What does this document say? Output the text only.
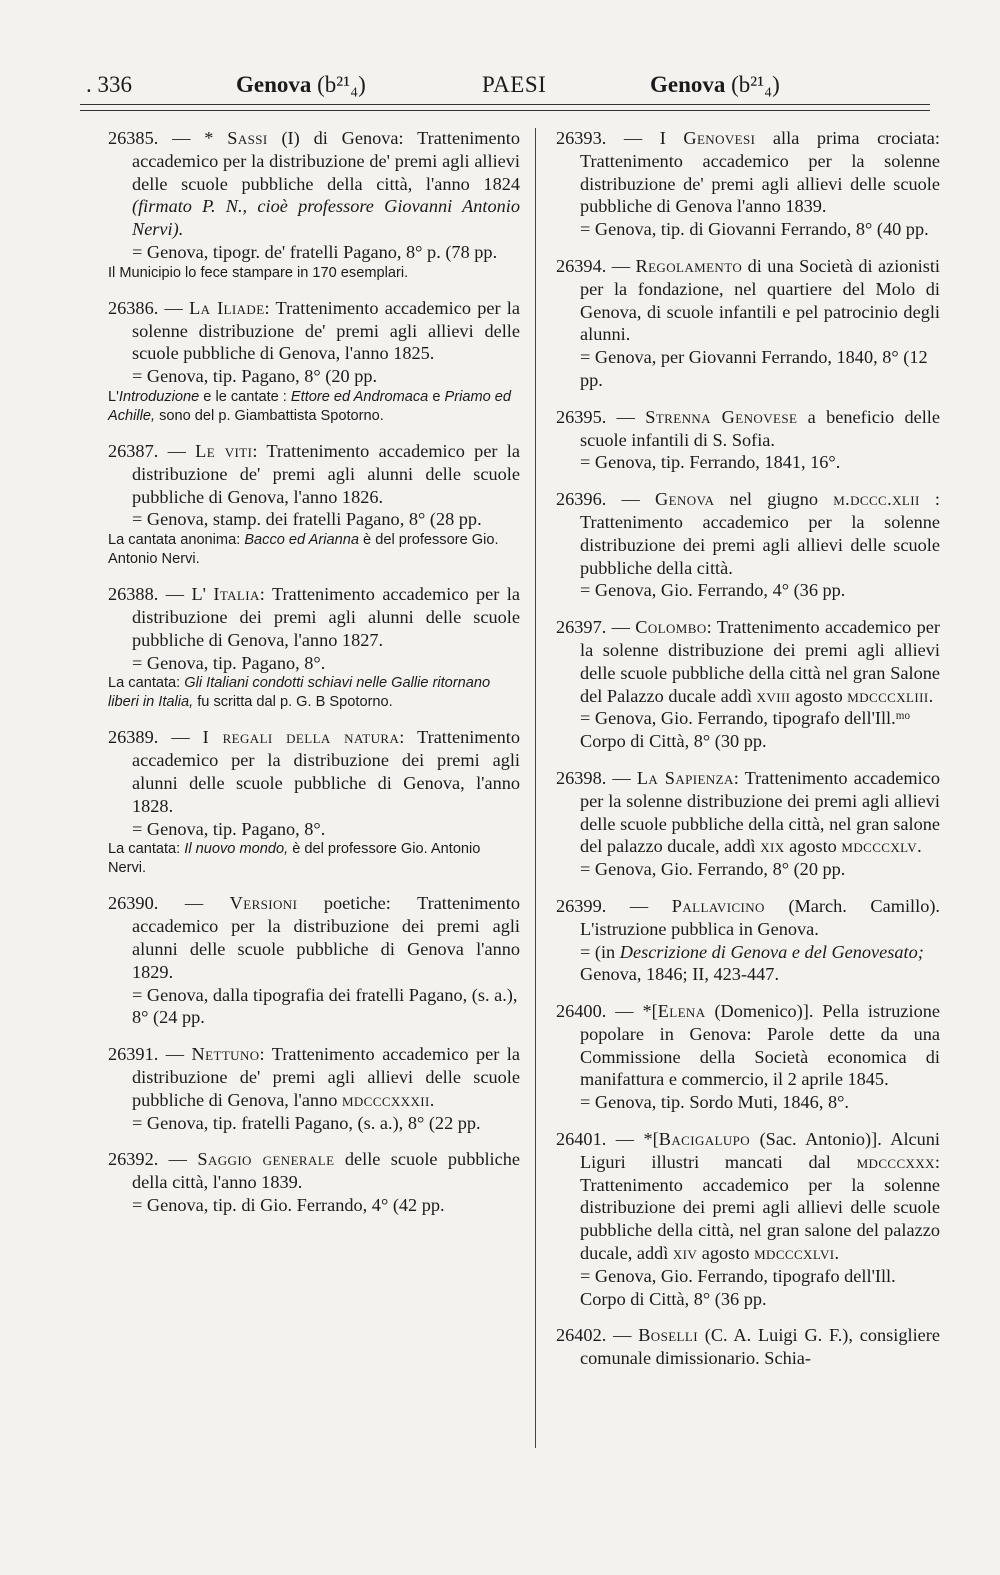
. 336	Genova (b²¹₄)	PAESI	Genova (b²¹₄)

26385. — * Sassi (I) di Genova: Trattenimento accademico per la distribuzione de' premi agli allievi delle scuole pubbliche della città, l'anno 1824 (firmato P. N., cioè professore Giovanni Antonio Nervi).

= Genova, tipogr. de' fratelli Pagano, 8° p. (78 pp.

Il Municipio lo fece stampare in 170 esemplari.

26386. — La Iliade: Trattenimento accademico per la solenne distribuzione de' premi agli allievi delle scuole pubbliche di Genova, l'anno 1825.

= Genova, tip. Pagano, 8° (20 pp.

L'Introduzione e le cantate : Ettore ed Andromaca e Priamo ed Achille, sono del p. Giambattista Spotorno.

26387. — Le viti: Trattenimento accademico per la distribuzione de' premi agli alunni delle scuole pubbliche di Genova, l'anno 1826.

= Genova, stamp. dei fratelli Pagano, 8° (28 pp.

La cantata anonima: Bacco ed Arianna è del professore Gio. Antonio Nervi.

26388. — L' Italia: Trattenimento accademico per la distribuzione dei premi agli alunni delle scuole pubbliche di Genova, l'anno 1827.

= Genova, tip. Pagano, 8°.

La cantata: Gli Italiani condotti schiavi nelle Gallie ritornano liberi in Italia, fu scritta dal p. G. B Spotorno.

26389. — I regali della natura: Trattenimento accademico per la distribuzione dei premi agli alunni delle scuole pubbliche di Genova, l'anno 1828.

= Genova, tip. Pagano, 8°.

La cantata: Il nuovo mondo, è del professore Gio. Antonio Nervi.

26390. — Versioni poetiche: Trattenimento accademico per la distribuzione dei premi agli alunni delle scuole pubbliche di Genova l'anno 1829.

= Genova, dalla tipografia dei fratelli Pagano, (s. a.), 8° (24 pp.

26391. — Nettuno: Trattenimento accademico per la distribuzione de' premi agli allievi delle scuole pubbliche di Genova, l'anno mdcccxxxii.

= Genova, tip. fratelli Pagano, (s. a.), 8° (22 pp.

26392. — Saggio generale delle scuole pubbliche della città, l'anno 1839.

= Genova, tip. di Gio. Ferrando, 4° (42 pp.

26393. — I Genovesi alla prima crociata: Trattenimento accademico per la solenne distribuzione de' premi agli allievi delle scuole pubbliche di Genova l'anno 1839.

= Genova, tip. di Giovanni Ferrando, 8° (40 pp.

26394. — Regolamento di una Società di azionisti per la fondazione, nel quartiere del Molo di Genova, di scuole infantili e pel patrocinio degli alunni.

= Genova, per Giovanni Ferrando, 1840, 8° (12 pp.

26395. — Strenna Genovese a beneficio delle scuole infantili di S. Sofia.

= Genova, tip. Ferrando, 1841, 16°.

26396. — Genova nel giugno m.dccc.xlii : Trattenimento accademico per la solenne distribuzione dei premi agli allievi delle scuole pubbliche della città.

= Genova, Gio. Ferrando, 4° (36 pp.

26397. — Colombo: Trattenimento accademico per la solenne distribuzione dei premi agli allievi delle scuole pubbliche della città nel gran Salone del Palazzo ducale addì xviii agosto mdcccxliii.

= Genova, Gio. Ferrando, tipografo dell'Ill.ᵐᵒ Corpo di Città, 8° (30 pp.

26398. — La Sapienza: Trattenimento accademico per la solenne distribuzione dei premi agli allievi delle scuole pubbliche della città, nel gran salone del palazzo ducale, addì xix agosto mdcccxlv.

= Genova, Gio. Ferrando, 8° (20 pp.

26399. — Pallavicino (March. Camillo). L'istruzione pubblica in Genova.

= (in Descrizione di Genova e del Genovesato; Genova, 1846; II, 423-447.

26400. — *[Elena (Domenico)]. Pella istruzione popolare in Genova: Parole dette da una Commissione della Società economica di manifattura e commercio, il 2 aprile 1845.

= Genova, tip. Sordo Muti, 1846, 8°.

26401. — *[Bacigalupo (Sac. Antonio)]. Alcuni Liguri illustri mancati dal mdcccxxx: Trattenimento accademico per la solenne distribuzione dei premi agli allievi delle scuole pubbliche della città, nel gran salone del palazzo ducale, addì xiv agosto mdcccxlvi.

= Genova, Gio. Ferrando, tipografo dell'Ill. Corpo di Città, 8° (36 pp.

26402. — Boselli (C. A. Luigi G. F.), consigliere comunale dimissionario. Schia-
